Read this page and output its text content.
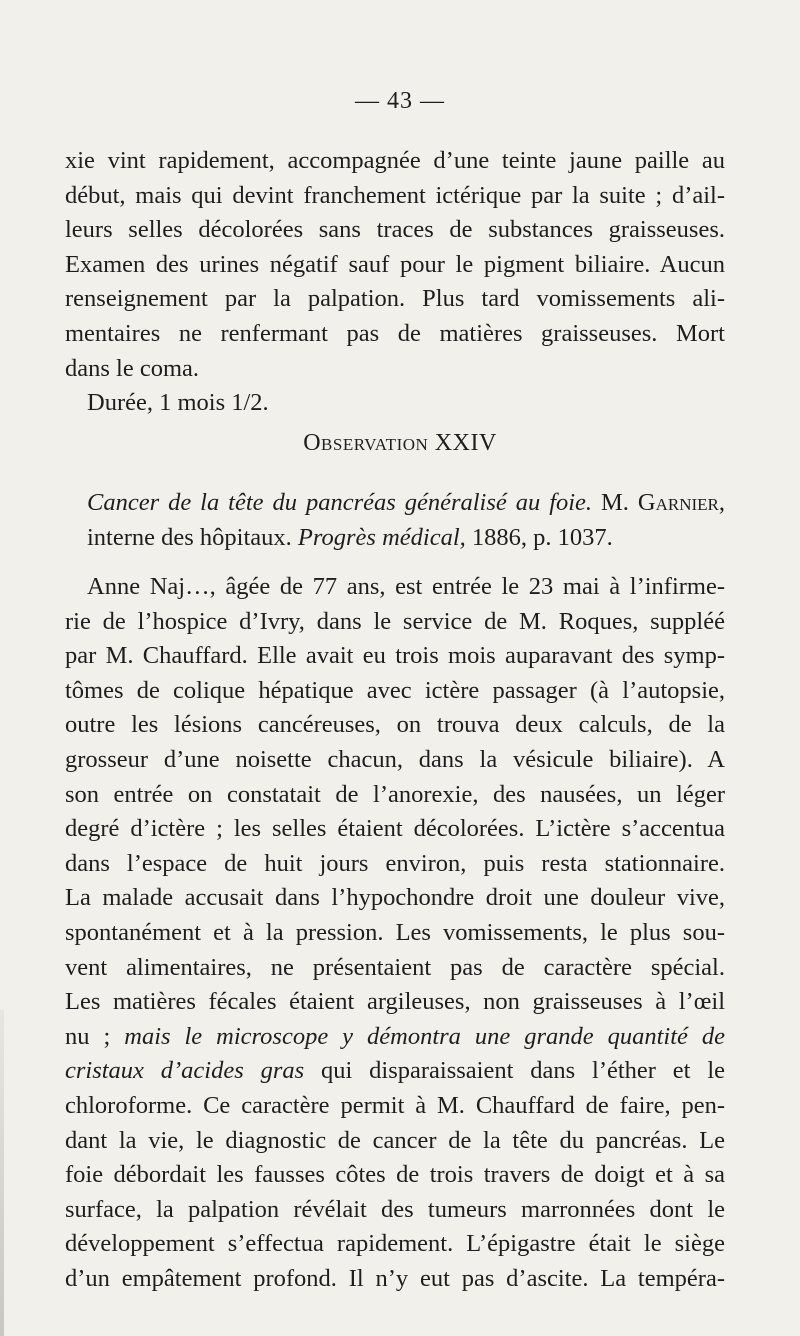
— 43 —
xie vint rapidement, accompagnée d’une teinte jaune paille au
début, mais qui devint franchement ictérique par la suite ; d’ail-
leurs selles décolorées sans traces de substances graisseuses.
Examen des urines négatif sauf pour le pigment biliaire. Aucun
renseignement par la palpation. Plus tard vomissements ali-
mentaires ne renfermant pas de matières graisseuses. Mort
dans le coma.
Durée, 1 mois 1/2.
Observation XXIV
Cancer de la tête du pancréas généralisé au foie. M. Garnier,
interne des hôpitaux. Progrès médical, 1886, p. 1037.
Anne Naj…, âgée de 77 ans, est entrée le 23 mai à l’infirme-
rie de l’hospice d’Ivry, dans le service de M. Roques, suppléé
par M. Chauffard. Elle avait eu trois mois auparavant des symp-
tômes de colique hépatique avec ictère passager (à l’autopsie,
outre les lésions cancéreuses, on trouva deux calculs, de la
grosseur d’une noisette chacun, dans la vésicule biliaire). A
son entrée on constatait de l’anorexie, des nausées, un léger
degré d’ictère ; les selles étaient décolorées. L’ictère s’accentua
dans l’espace de huit jours environ, puis resta stationnaire.
La malade accusait dans l’hypochondre droit une douleur vive,
spontanément et à la pression. Les vomissements, le plus sou-
vent alimentaires, ne présentaient pas de caractère spécial.
Les matières fécales étaient argileuses, non graisseuses à l’œil
nu ; mais le microscope y démontra une grande quantité de
cristaux d’acides gras qui disparaissaient dans l’éther et le
chloroforme. Ce caractère permit à M. Chauffard de faire, pen-
dant la vie, le diagnostic de cancer de la tête du pancréas. Le
foie débordait les fausses côtes de trois travers de doigt et à sa
surface, la palpation révélait des tumeurs marronnées dont le
développement s’effectua rapidement. L’épigastre était le siège
d’un empâtement profond. Il n’y eut pas d’ascite. La tempéra-
